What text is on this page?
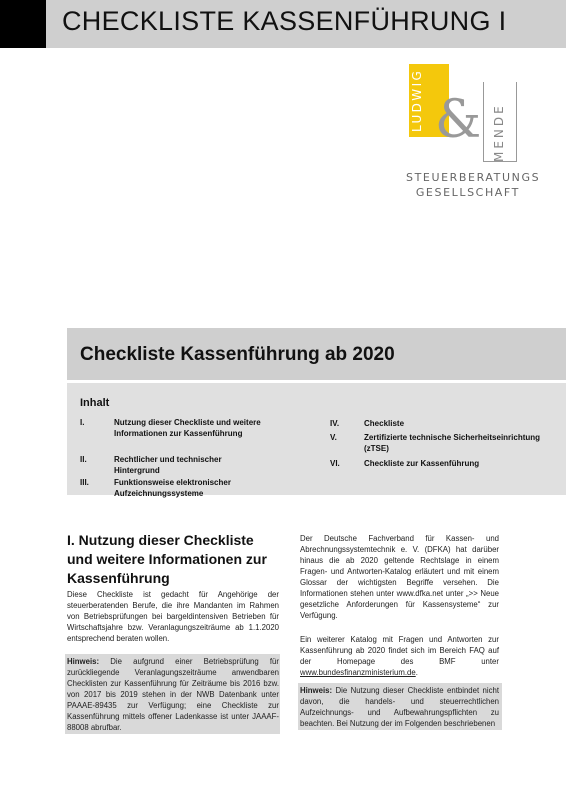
CHECKLISTE KASSENFÜHRUNG I
LUDWIG & MENDE
STEUERBERATUNGS
GESELLSCHAFT
Checkliste Kassenführung ab 2020
Inhalt
I.	Nutzung dieser Checkliste und weitere Informationen zur Kassenführung
II.	Rechtlicher und technischer Hintergrund
III.	Funktionsweise elektronischer Aufzeichnungssysteme
IV.	Checkliste
V.	Zertifizierte technische Sicherheitseinrichtung (zTSE)
VI.	Checkliste zur Kassenführung
I. Nutzung dieser Checkliste und weitere Informationen zur Kassenführung
Diese Checkliste ist gedacht für Angehörige der steuerberatenden Berufe, die ihre Mandanten im Rahmen von Betriebsprüfungen bei bargeldintensiven Betrieben für Wirtschaftsjahre bzw. Veranlagungszeiträume ab 1.1.2020 entsprechend beraten wollen.
Hinweis: Die aufgrund einer Betriebsprüfung für zurückliegende Veranlagungszeiträume anwendbaren Checklisten zur Kassenführung für Zeiträume bis 2016 bzw. von 2017 bis 2019 stehen in der NWB Datenbank unter PAAAE-89435 zur Verfügung; eine Checkliste zur Kassenführung mittels offener Ladenkasse ist unter JAAAF-88008 abrufbar.
Der Deutsche Fachverband für Kassen- und Abrechnungssystemtechnik e. V. (DFKA) hat darüber hinaus die ab 2020 geltende Rechtslage in einem Fragen- und Antworten-Katalog erläutert und mit einem Glossar der wichtigsten Begriffe versehen. Die Informationen stehen unter www.dfka.net unter „>> Neue gesetzliche Anforderungen für Kassensysteme“ zur Verfügung.
Ein weiterer Katalog mit Fragen und Antworten zur Kassenführung ab 2020 findet sich im Bereich FAQ auf der Homepage des BMF unter www.bundesfinanzministerium.de.
Hinweis: Die Nutzung dieser Checkliste entbindet nicht davon, die handels- und steuerrechtlichen Aufzeichnungs- und Aufbewahrungspflichten zu beachten. Bei Nutzung der im Folgenden beschriebenen
